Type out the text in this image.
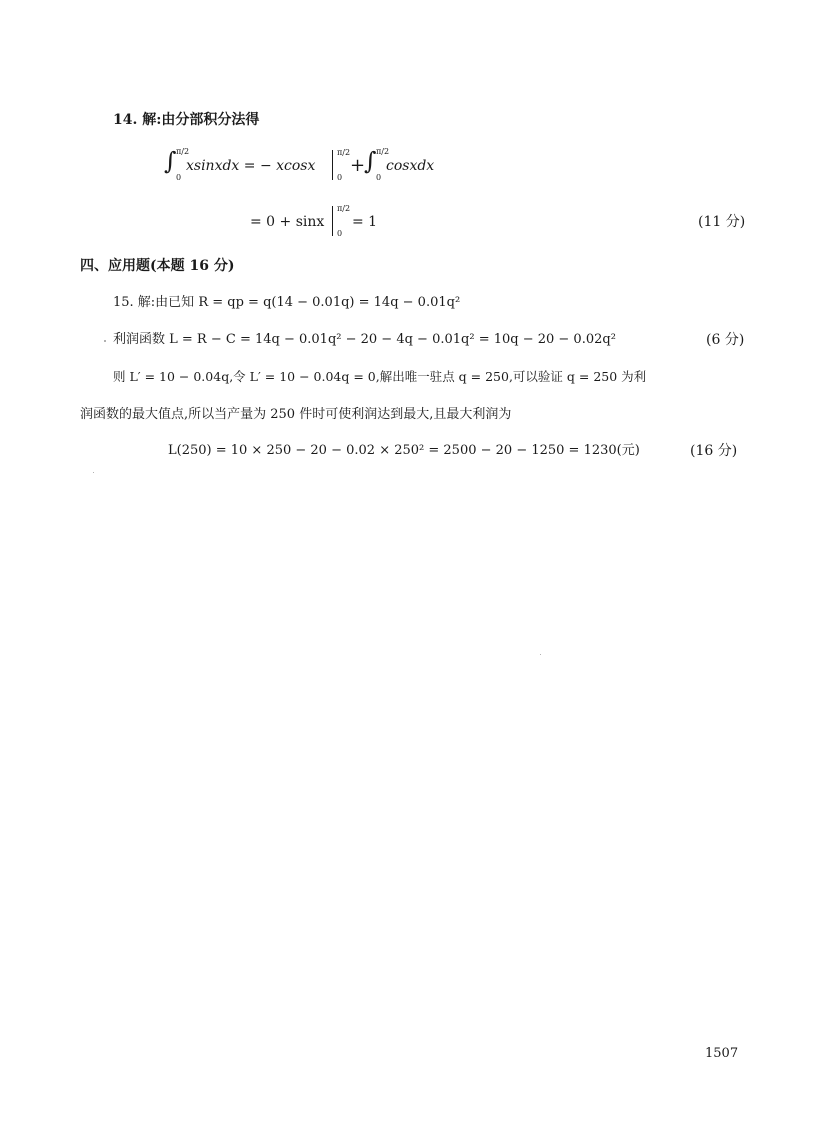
14. 解:由分部积分法得
∫ π/2
0
xsinxdx = − xcosx
π/2
0
+
∫ π/2
0
cosxdx
= 0 + sinx
π/2
0
= 1	(11 分)
四、应用题(本题 16 分)
15. 解:由已知 R = qp = q(14 − 0.01q) = 14q − 0.01q²
利润函数 L = R − C = 14q − 0.01q² − 20 − 4q − 0.01q² = 10q − 20 − 0.02q²	(6 分)
则 L′ = 10 − 0.04q,令 L′ = 10 − 0.04q = 0,解出唯一驻点 q = 250,可以验证 q = 250 为利
润函数的最大值点,所以当产量为 250 件时可使利润达到最大,且最大利润为
L(250) = 10 × 250 − 20 − 0.02 × 250² = 2500 − 20 − 1250 = 1230(元)	(16 分)
1507
